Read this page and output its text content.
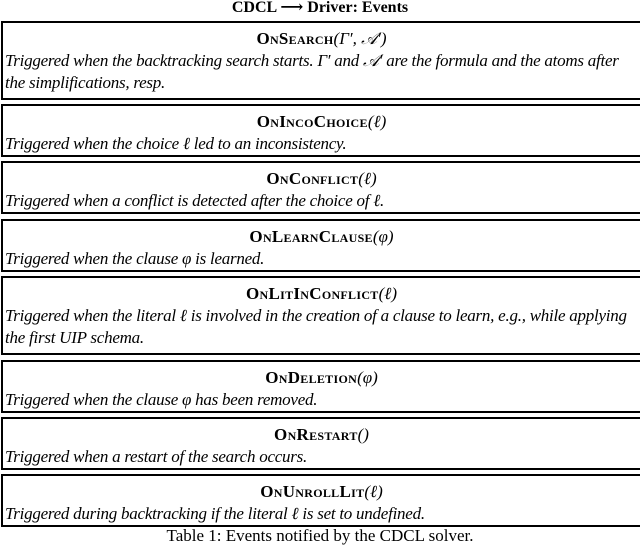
CDCL ⟶ Driver: Events
OnSearch(Γ′, 𝒜′)
Triggered when the backtracking search starts. Γ′ and 𝒜′ are the formula and the atoms after the simplifications, resp.
OnIncoChoice(ℓ)
Triggered when the choice ℓ led to an inconsistency.
OnConflict(ℓ)
Triggered when a conflict is detected after the choice of ℓ.
OnLearnClause(φ)
Triggered when the clause φ is learned.
OnLitInConflict(ℓ)
Triggered when the literal ℓ is involved in the creation of a clause to learn, e.g., while applying the first UIP schema.
OnDeletion(φ)
Triggered when the clause φ has been removed.
OnRestart()
Triggered when a restart of the search occurs.
OnUnrollLit(ℓ)
Triggered during backtracking if the literal ℓ is set to undefined.
Table 1: Events notified by the CDCL solver.
